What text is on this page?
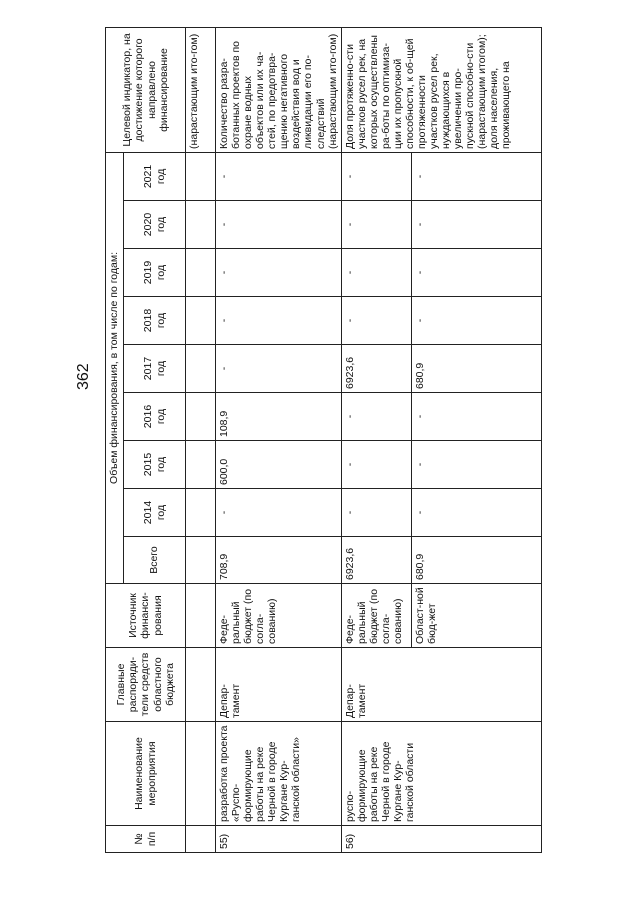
362
№ п/п	Наименование мероприятия	Главные распоряди-тели средств областного бюджета	Источник финанси-рования	Объем финансирования, в том числе по годам:									Целевой индикатор, на достижение которого направлено финансирование
				Всего	2014 год	2015 год	2016 год	2017 год	2018 год	2019 год	2020 год	2021 год	
													(нарастающим ито-гом)
55)	разработка проекта «Руспо-формирующие работы на реке Черной в городе Кургане Кур-ганской области»	Депар-тамент	Феде-ральный бюджет (по согла-сованию)	708,9	-	600,0	108,9	-	-	-	-	-	Количество разра-ботанных проектов по охране водных объектов или их ча-стей, по предотвра-щению негативного воздействия вод и ликвидации его по-следствий (нарастающим ито-гом)
56)	руспо-формирующие работы на реке Черной в городе Кургане Кур-ганской области	Депар-тамент	Феде-ральный бюджет (по согла-сованию)	6923,6	-	-	-	6923,6	-	-	-	-	Доля протяженно-сти участков русел рек, на которых осуществлены ра-боты по оптимиза-ции их пропускной способности, к об-щей протяженности участков русел рек, нуждающихся в увеличении про-пускной способно-сти (нарастающим итогом); доля населения, проживающего на
			Област-ной бюд-жет	680,9	-	-	-	680,9	-	-	-	-	
